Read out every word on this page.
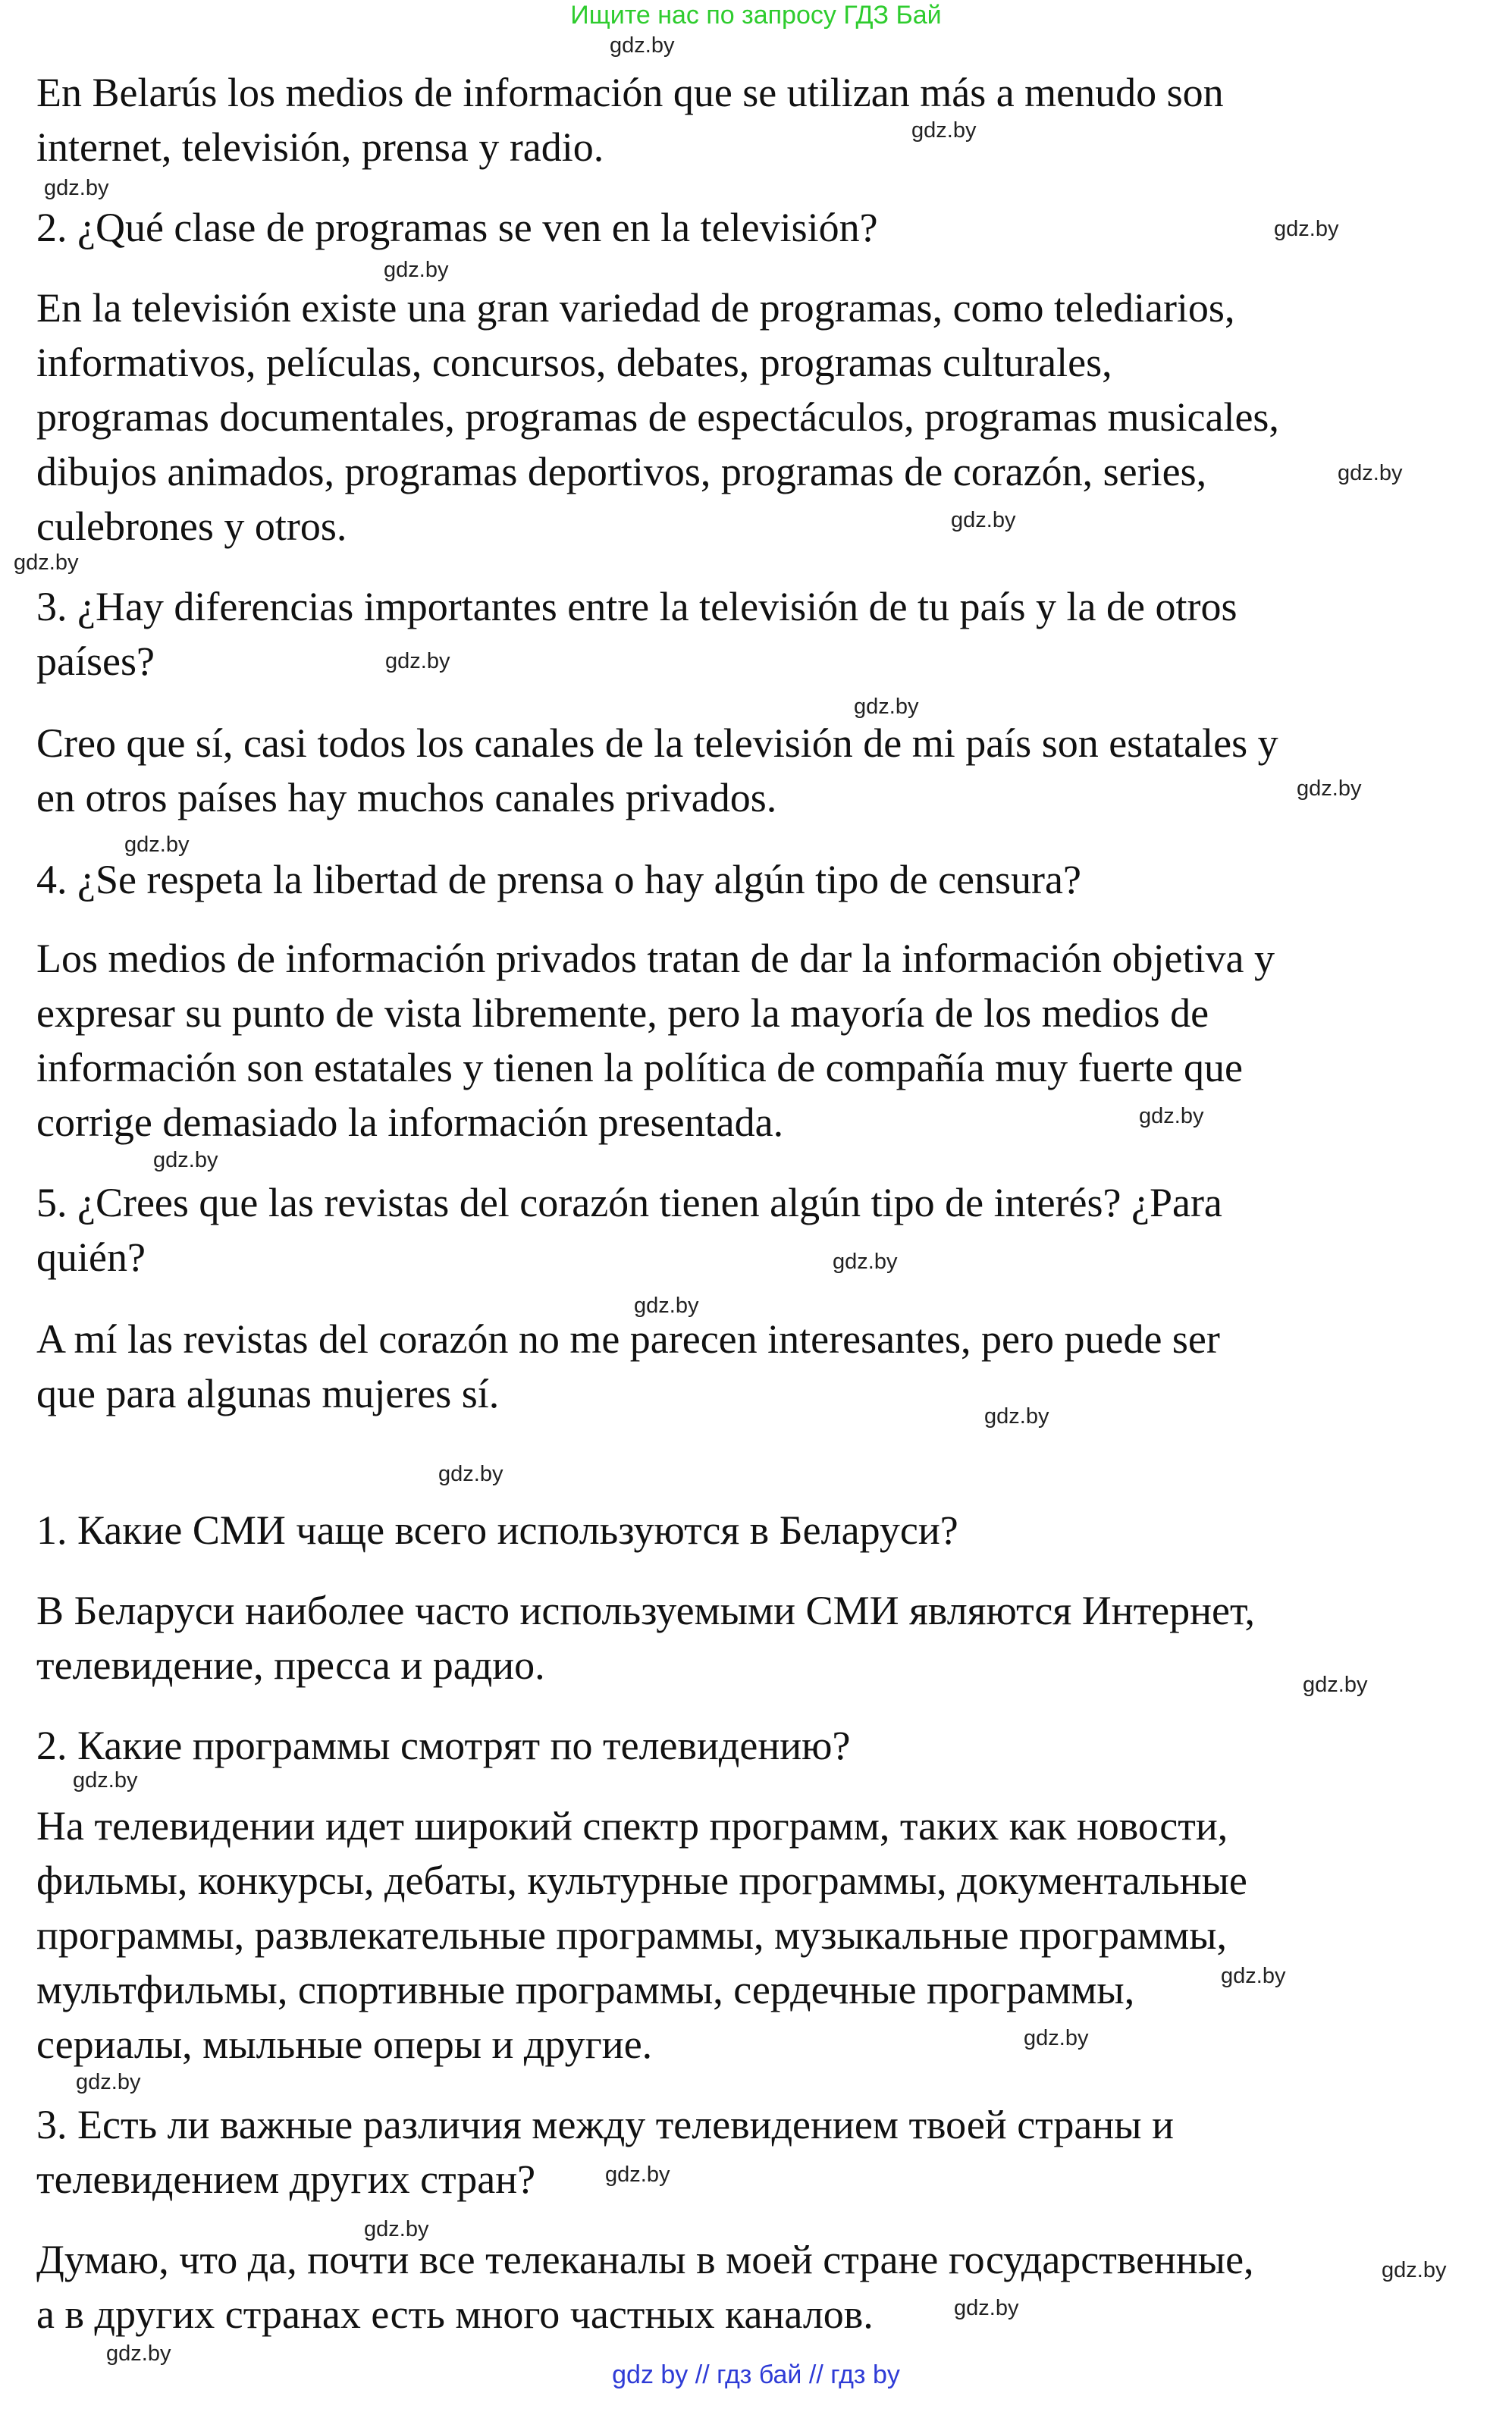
Ищите нас по запросу ГДЗ Бай

En Belarús los medios de información que se utilizan más a menudo son

internet, televisión, prensa y radio.

2. ¿Qué clase de programas se ven en la televisión?

En la televisión existe una gran variedad de programas, como telediarios,

informativos, películas, concursos, debates, programas culturales,

programas documentales, programas de espectáculos, programas musicales,

dibujos animados, programas deportivos, programas de corazón, series,

culebrones y otros.

3. ¿Hay diferencias importantes entre la televisión de tu país y la de otros

países?

Creo que sí, casi todos los canales de la televisión de mi país son estatales y

en otros países hay muchos canales privados.

4. ¿Se respeta la libertad de prensa o hay algún tipo de censura?

Los medios de información privados tratan de dar la información objetiva y

expresar su punto de vista libremente, pero la mayoría de los medios de

información son estatales y tienen la política de compañía muy fuerte que

corrige demasiado la información presentada.

5. ¿Crees que las revistas del corazón tienen algún tipo de interés? ¿Para

quién?

A mí las revistas del corazón no me parecen interesantes, pero puede ser

que para algunas mujeres sí.

1. Какие СМИ чаще всего используются в Беларуси?

В Беларуси наиболее часто используемыми СМИ являются Интернет,

телевидение, пресса и радио.

2. Какие программы смотрят по телевидению?

На телевидении идет широкий спектр программ, таких как новости,

фильмы, конкурсы, дебаты, культурные программы, документальные

программы, развлекательные программы, музыкальные программы,

мультфильмы, спортивные программы, сердечные программы,

сериалы, мыльные оперы и другие.

3. Есть ли важные различия между телевидением твоей страны и

телевидением других стран?

Думаю, что да, почти все телеканалы в моей стране государственные,

а в других странах есть много частных каналов.

gdz.by
gdz.by
gdz.by
gdz.by
gdz.by
gdz.by
gdz.by
gdz.by
gdz.by
gdz.by
gdz.by
gdz.by
gdz.by
gdz.by
gdz.by
gdz.by
gdz.by
gdz.by
gdz.by
gdz.by
gdz.by
gdz.by
gdz.by
gdz.by
gdz.by
gdz.by
gdz.by
gdz.by
gdz by // гдз бай // гдз by
